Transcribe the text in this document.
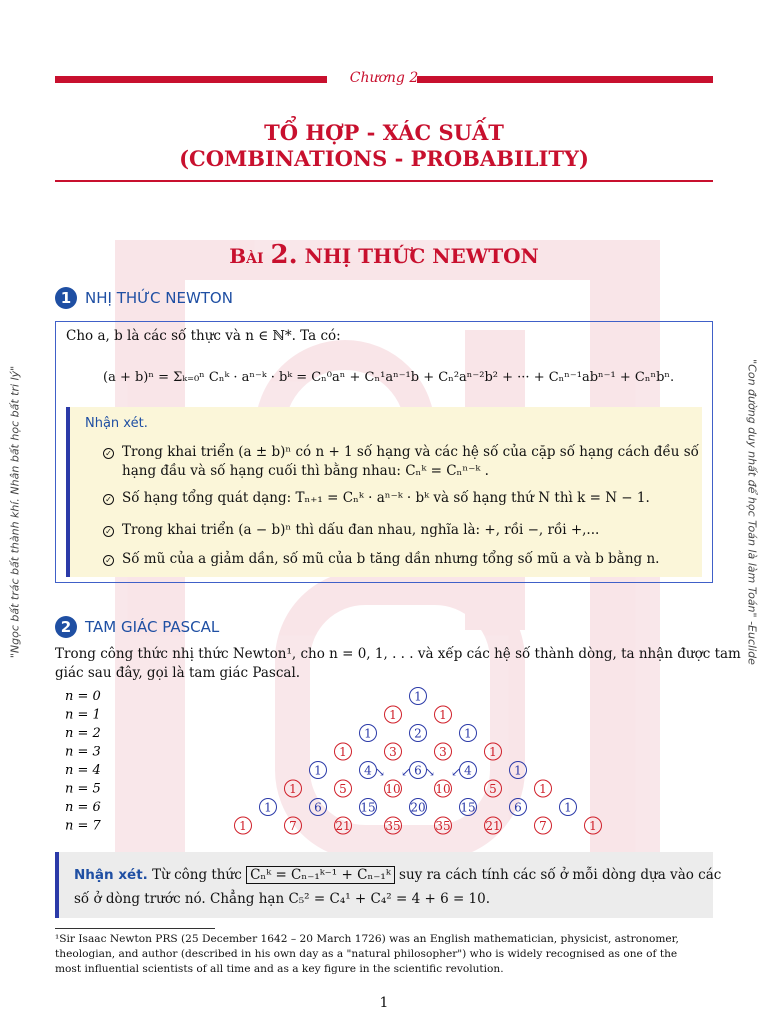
Chương 2
TỔ HỢP - XÁC SUẤT
(COMBINATIONS - PROBABILITY)
Bài 2. NHỊ THỨC NEWTON
1 NHỊ THỨC NEWTON
Cho a, b là các số thực và n ∈ ℕ*. Ta có:
(a + b)ⁿ = Σₖ₌₀ⁿ Cₙᵏ · aⁿ⁻ᵏ · bᵏ = Cₙ⁰aⁿ + Cₙ¹aⁿ⁻¹b + Cₙ²aⁿ⁻²b² + ··· + Cₙⁿ⁻¹abⁿ⁻¹ + Cₙⁿbⁿ.
Nhận xét.
✓ Trong khai triển (a ± b)ⁿ có n + 1 số hạng và các hệ số của cặp số hạng cách đều số
hạng đầu và số hạng cuối thì bằng nhau: Cₙᵏ = Cₙⁿ⁻ᵏ .
✓ Số hạng tổng quát dạng: Tₙ₊₁ = Cₙᵏ · aⁿ⁻ᵏ · bᵏ và số hạng thứ N thì k = N − 1.
✓ Trong khai triển (a − b)ⁿ thì dấu đan nhau, nghĩa là: +, rồi −, rồi +,...
✓ Số mũ của a giảm dần, số mũ của b tăng dần nhưng tổng số mũ a và b bằng n.
2 TAM GIÁC PASCAL
Trong công thức nhị thức Newton¹, cho n = 0, 1, . . . và xếp các hệ số thành dòng, ta nhận được tam
giác sau đây, gọi là tam giác Pascal.
n = 0	1
n = 1	1	1
n = 2	1	2	1
n = 3	1	3	3	1
n = 4	1	4	6	4	1
n = 5	1	5	10	10	5	1
n = 6	1	6	15	20	15	6	1
n = 7	1	7	21	35	35	21	7	1
↘ ↙ ↘ ↙
Nhận xét. Từ công thức Cₙᵏ = Cₙ₋₁ᵏ⁻¹ + Cₙ₋₁ᵏ suy ra cách tính các số ở mỗi dòng dựa vào các
số ở dòng trước nó. Chẳng hạn C₅² = C₄¹ + C₄² = 4 + 6 = 10.
¹Sir Isaac Newton PRS (25 December 1642 – 20 March 1726) was an English mathematician, physicist, astronomer,
theologian, and author (described in his own day as a "natural philosopher") who is widely recognised as one of the
most influential scientists of all time and as a key figure in the scientific revolution.
1
"Ngọc bất trác bất thành khí. Nhân bất học bất tri lý"	"Con đường duy nhất để học Toán là làm Toán" -Euclide
